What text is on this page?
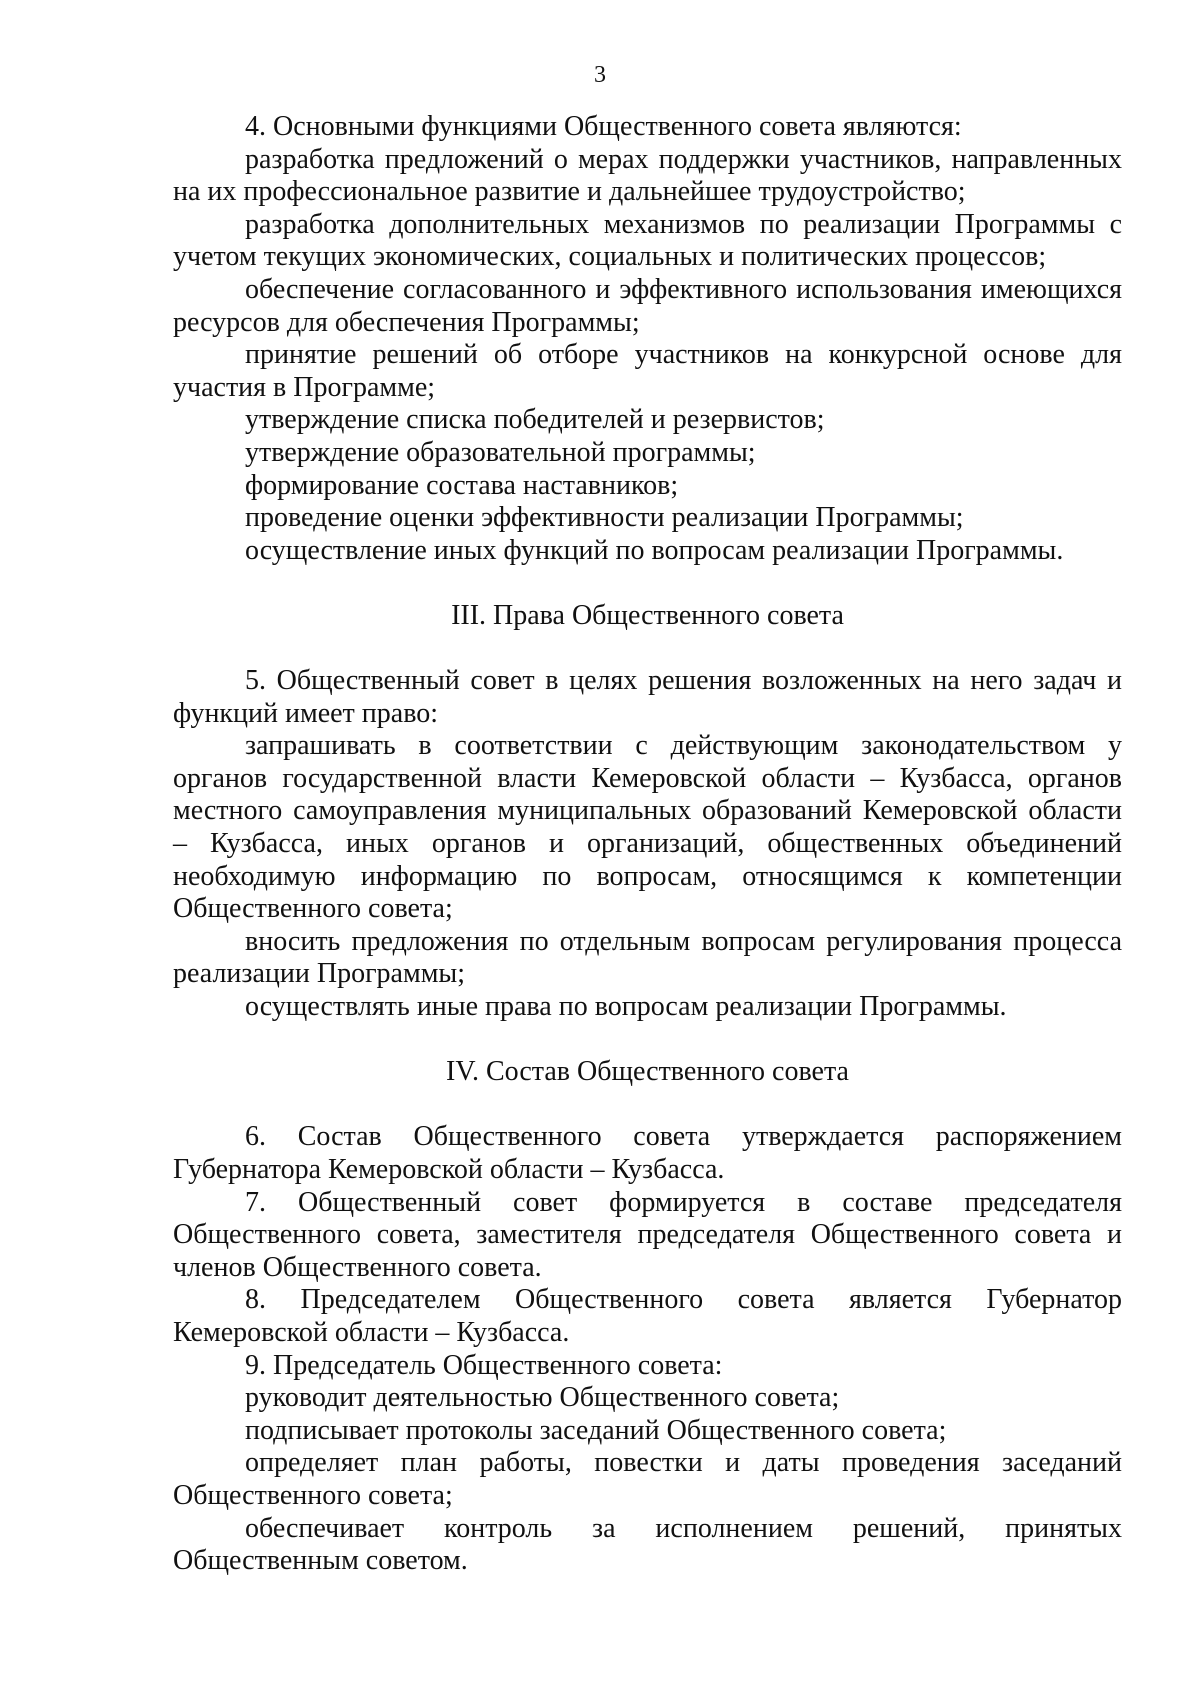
3

4. Основными функциями Общественного совета являются:

разработка предложений о мерах поддержки участников, направленных на их профессиональное развитие и дальнейшее трудоустройство;

разработка дополнительных механизмов по реализации Программы с учетом текущих экономических, социальных и политических процессов;

обеспечение согласованного и эффективного использования имеющихся ресурсов для обеспечения Программы;

принятие решений об отборе участников на конкурсной основе для участия в Программе;

утверждение списка победителей и резервистов;

утверждение образовательной программы;

формирование состава наставников;

проведение оценки эффективности реализации Программы;

осуществление иных функций по вопросам реализации Программы.

III. Права Общественного совета

5. Общественный совет в целях решения возложенных на него задач и функций имеет право:

запрашивать в соответствии с действующим законодательством у органов государственной власти Кемеровской области – Кузбасса, органов местного самоуправления муниципальных образований Кемеровской области – Кузбасса, иных органов и организаций, общественных объединений необходимую информацию по вопросам, относящимся к компетенции Общественного совета;

вносить предложения по отдельным вопросам регулирования процесса реализации Программы;

осуществлять иные права по вопросам реализации Программы.

IV. Состав Общественного совета

6. Состав Общественного совета утверждается распоряжением Губернатора Кемеровской области – Кузбасса.

7. Общественный совет формируется в составе председателя Общественного совета, заместителя председателя Общественного совета и членов Общественного совета.

8. Председателем Общественного совета является Губернатор Кемеровской области – Кузбасса.

9. Председатель Общественного совета:

руководит деятельностью Общественного совета;

подписывает протоколы заседаний Общественного совета;

определяет план работы, повестки и даты проведения заседаний Общественного совета;

обеспечивает контроль за исполнением решений, принятых Общественным советом.
